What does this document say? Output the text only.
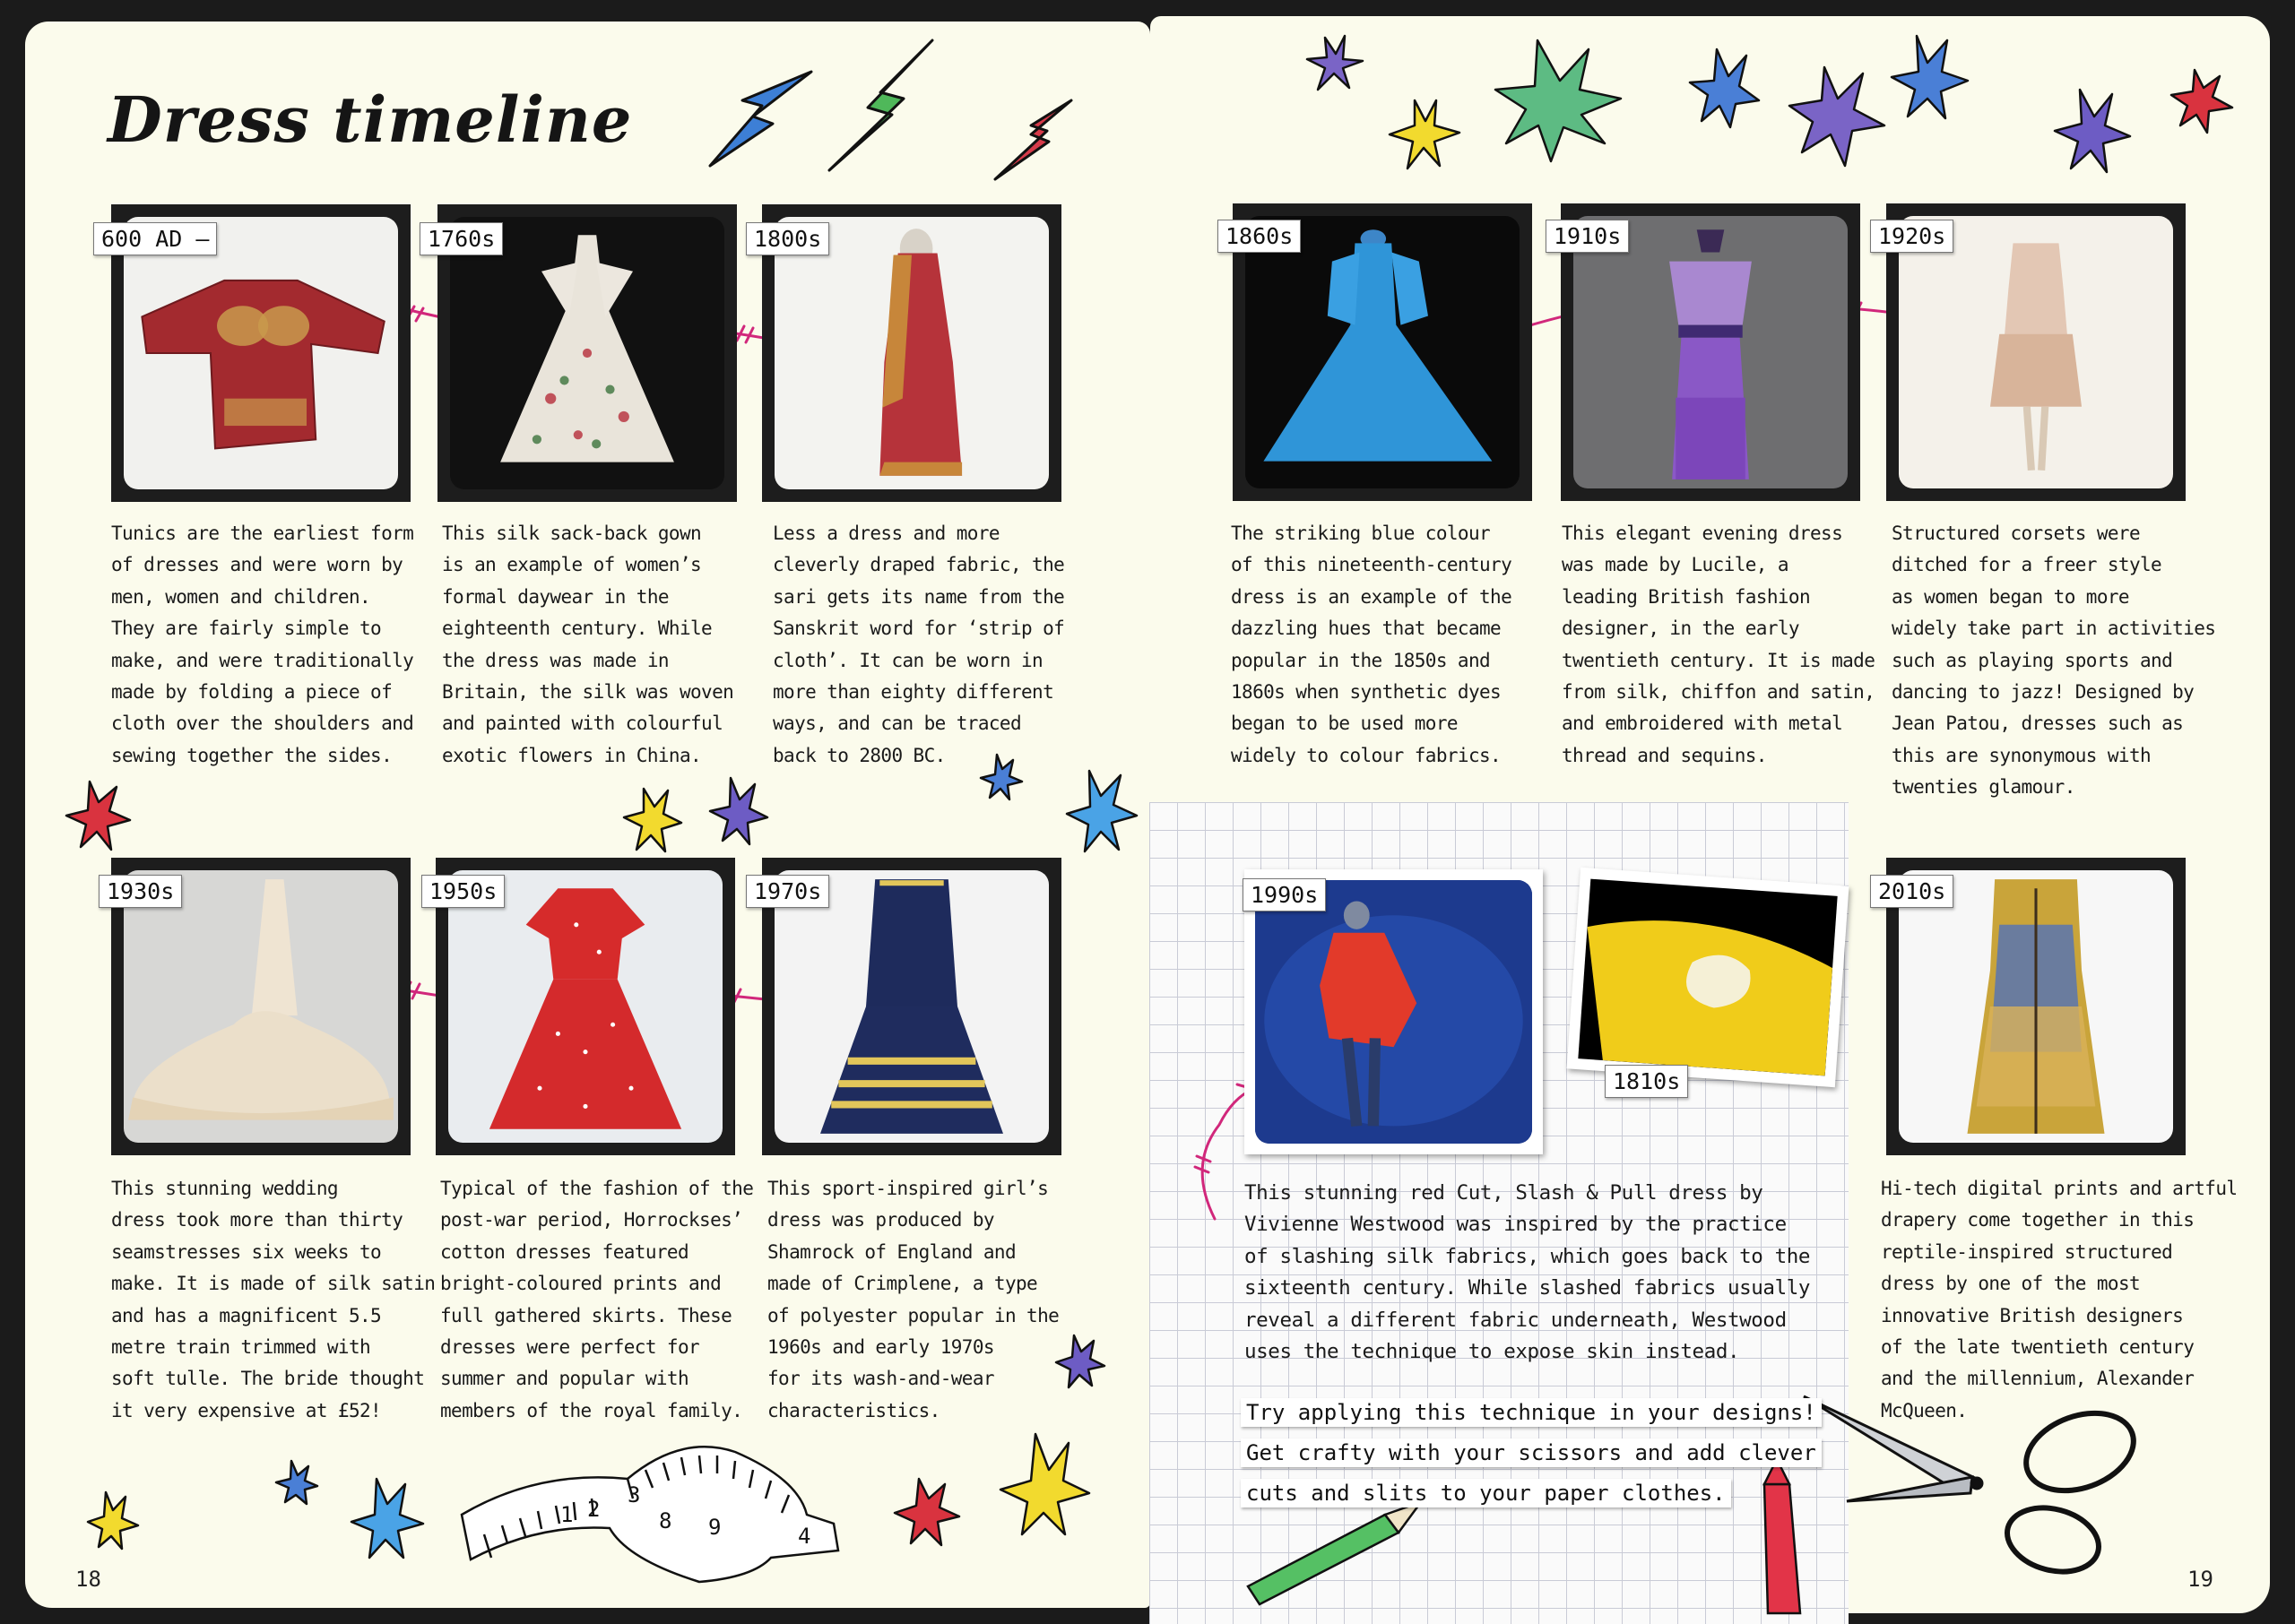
Dress timeline
1 2
3
8 9	4
600 AD –	1760s	1800s	1860s	1910s	1920s
1930s	1950s	1970s	1990s
1810s
2010s
Tunics are the earliest form
of dresses and were worn by
men, women and children.
They are fairly simple to
make, and were traditionally
made by folding a piece of
cloth over the shoulders and
sewing together the sides.
This silk sack-back gown
is an example of women’s
formal daywear in the
eighteenth century. While
the dress was made in
Britain, the silk was woven
and painted with colourful
exotic flowers in China.
Less a dress and more
cleverly draped fabric, the
sari gets its name from the
Sanskrit word for ‘strip of
cloth’. It can be worn in
more than eighty different
ways, and can be traced
back to 2800 BC.
The striking blue colour
of this nineteenth-century
dress is an example of the
dazzling hues that became
popular in the 1850s and
1860s when synthetic dyes
began to be used more
widely to colour fabrics.
This elegant evening dress
was made by Lucile, a
leading British fashion
designer, in the early
twentieth century. It is made
from silk, chiffon and satin,
and embroidered with metal
thread and sequins.
Structured corsets were
ditched for a freer style
as women began to more
widely take part in activities
such as playing sports and
dancing to jazz! Designed by
Jean Patou, dresses such as
this are synonymous with
twenties glamour.
This stunning wedding
dress took more than thirty
seamstresses six weeks to
make. It is made of silk satin
and has a magnificent 5.5
metre train trimmed with
soft tulle. The bride thought
it very expensive at £52!
Typical of the fashion of the
post-war period, Horrockses’
cotton dresses featured
bright-coloured prints and
full gathered skirts. These
dresses were perfect for
summer and popular with
members of the royal family.
This sport-inspired girl’s
dress was produced by
Shamrock of England and
made of Crimplene, a type
of polyester popular in the
1960s and early 1970s
for its wash-and-wear
characteristics.
This stunning red Cut, Slash & Pull dress by
Vivienne Westwood was inspired by the practice
of slashing silk fabrics, which goes back to the
sixteenth century. While slashed fabrics usually
reveal a different fabric underneath, Westwood
uses the technique to expose skin instead.
Hi-tech digital prints and artful
drapery come together in this
reptile-inspired structured
dress by one of the most
innovative British designers
of the late twentieth century
and the millennium, Alexander
McQueen.
Try applying this technique in your designs!
Get crafty with your scissors and add clever
cuts and slits to your paper clothes.
18	19
